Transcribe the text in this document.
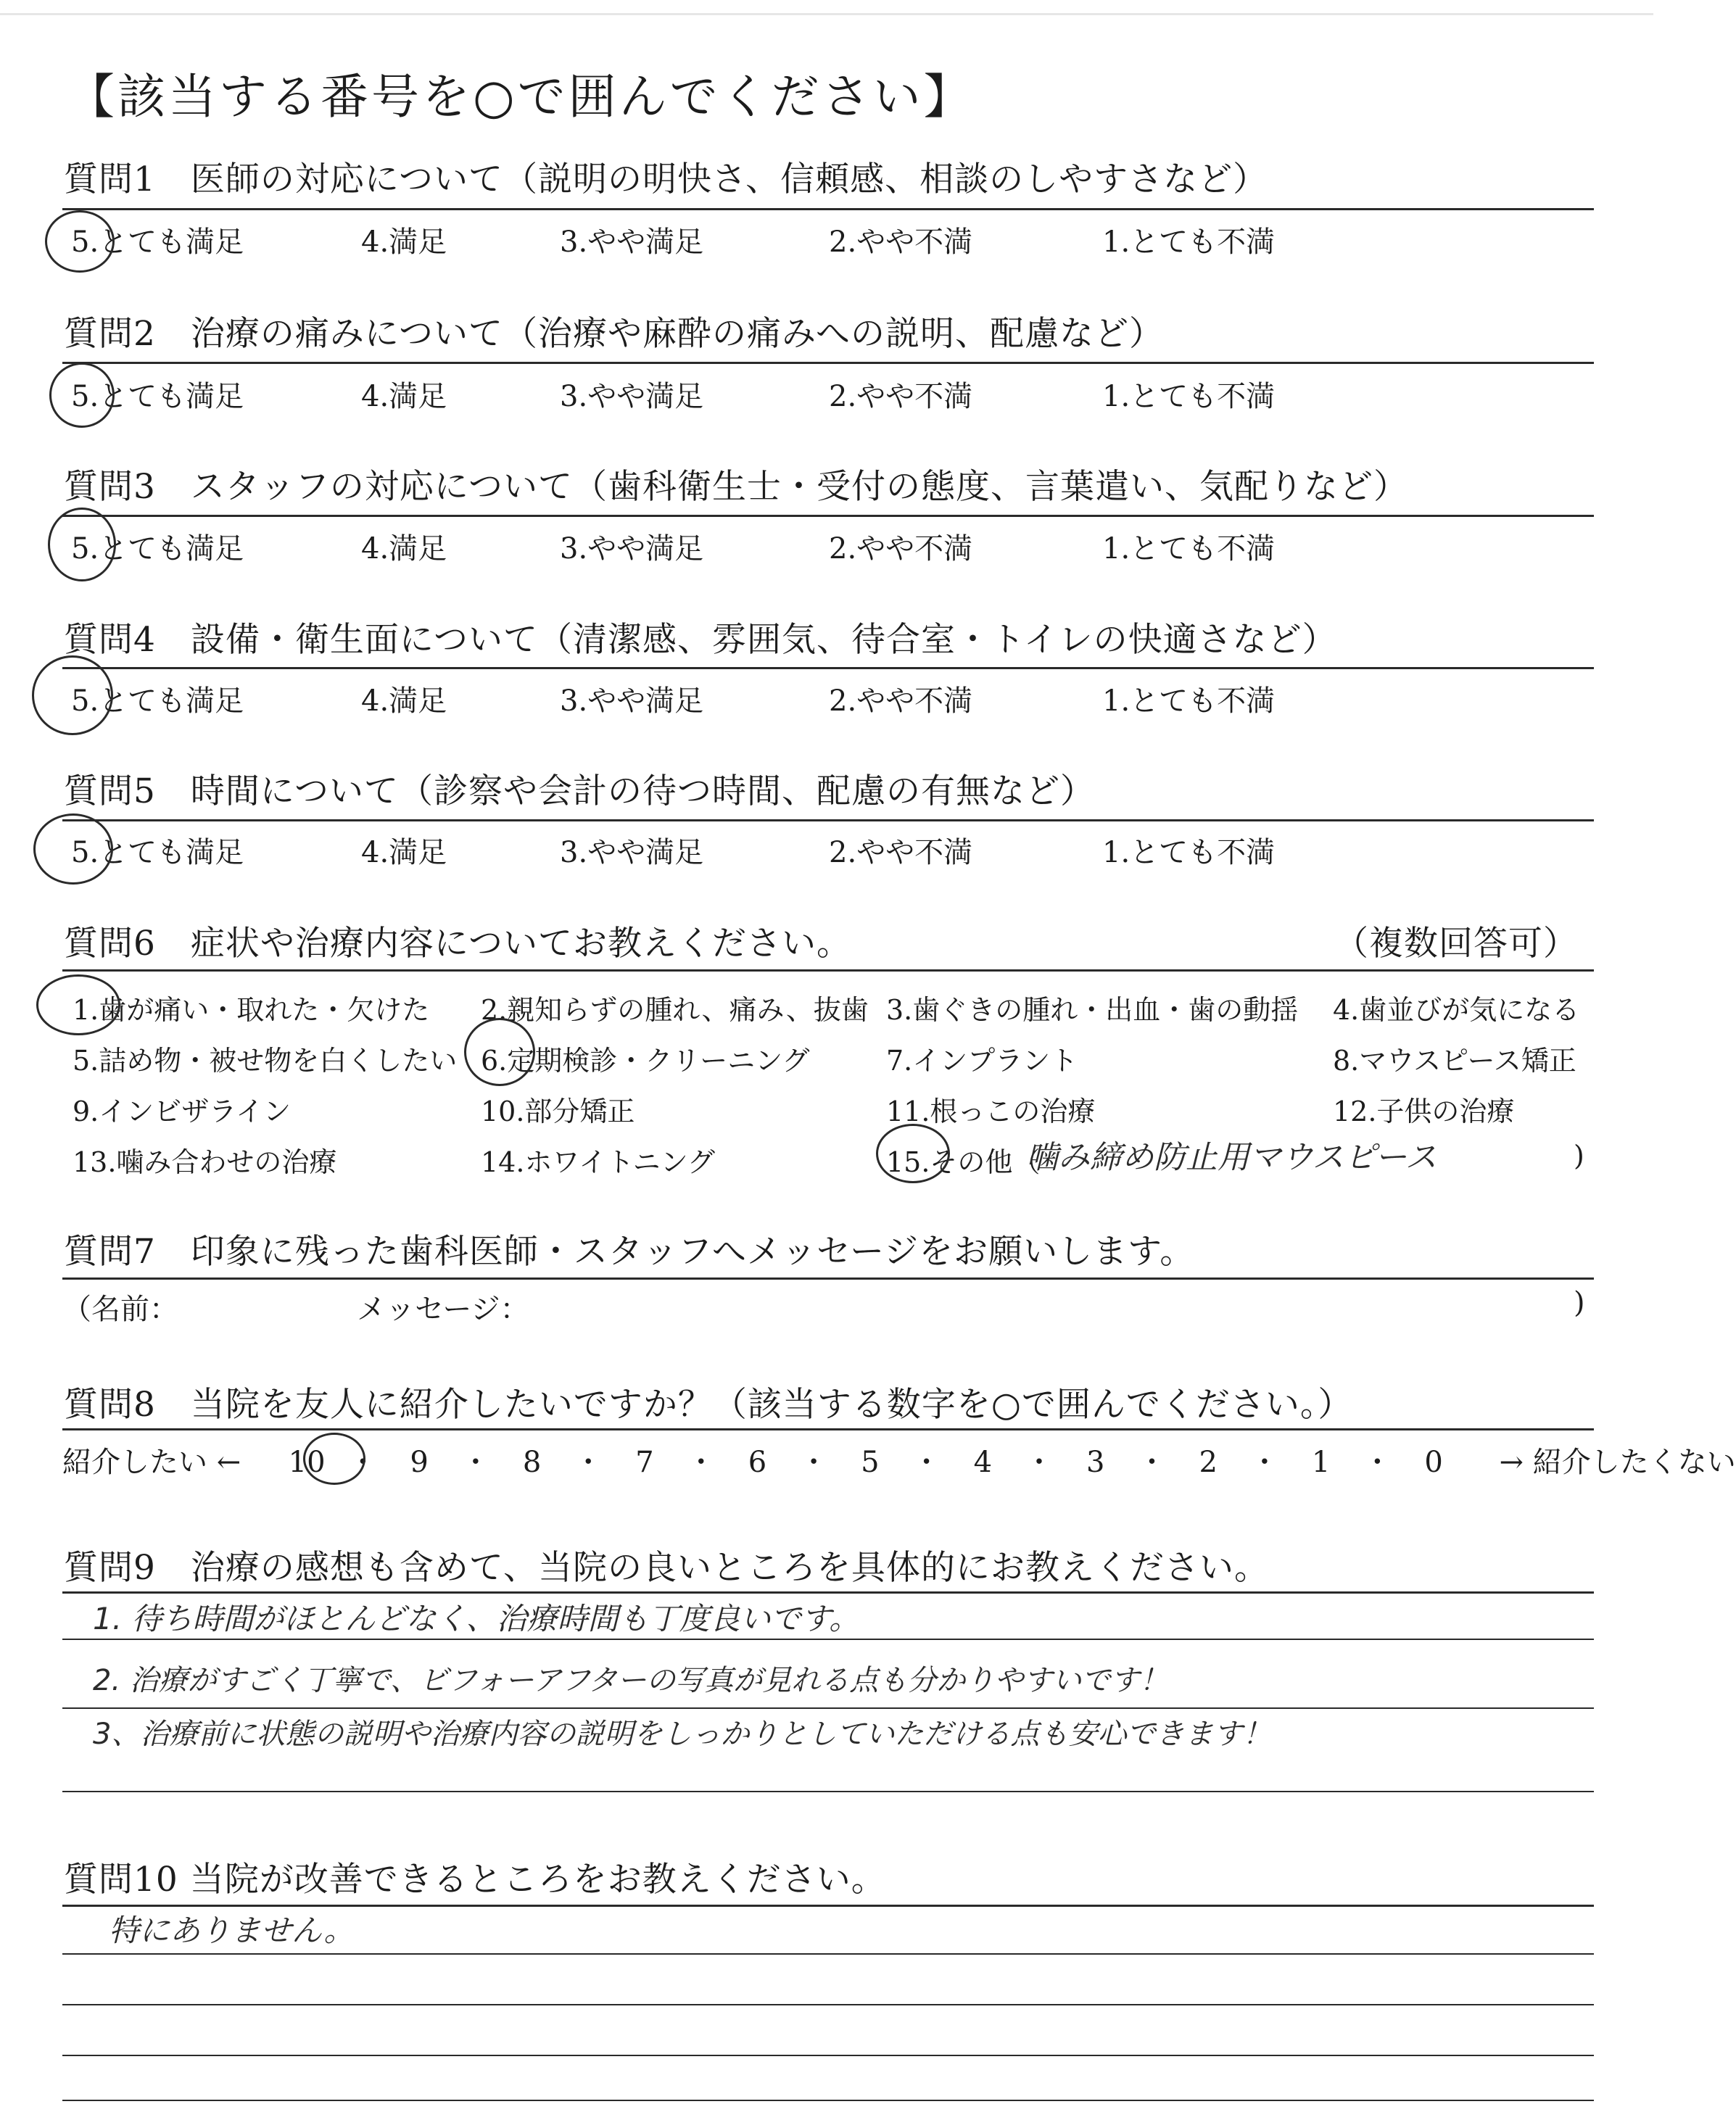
【該当する番号を○で囲んでください】
質問1　医師の対応について（説明の明快さ、信頼感、相談のしやすさなど）
5.とても満足	4.満足	3.やや満足	2.やや不満	1.とても不満
質問2　治療の痛みについて（治療や麻酔の痛みへの説明、配慮など）
5.とても満足	4.満足	3.やや満足	2.やや不満	1.とても不満
質問3　スタッフの対応について（歯科衛生士・受付の態度、言葉遣い、気配りなど）
5.とても満足	4.満足	3.やや満足	2.やや不満	1.とても不満
質問4　設備・衛生面について（清潔感、雰囲気、待合室・トイレの快適さなど）
5.とても満足	4.満足	3.やや満足	2.やや不満	1.とても不満
質問5　時間について（診察や会計の待つ時間、配慮の有無など）
5.とても満足	4.満足	3.やや満足	2.やや不満	1.とても不満
質問6　症状や治療内容についてお教えください。	（複数回答可）
1.歯が痛い・取れた・欠けた 2.親知らずの腫れ、痛み、抜歯 3.歯ぐきの腫れ・出血・歯の動揺 4.歯並びが気になる
5.詰め物・被せ物を白くしたい 6.定期検診・クリーニング	7.インプラント	8.マウスピース矯正
9.インビザライン	10.部分矯正	11.根っこの治療	12.子供の治療
13.噛み合わせの治療	14.ホワイトニング	15.その他（
噛み締め防止用マウスピース	)
質問7　印象に残った歯科医師・スタッフへメッセージをお願いします。
（名前：	メッセージ：	)
質問8　当院を友人に紹介したいですか？（該当する数字を○で囲んでください。）
紹介したい ← 10 ・ 9 ・ 8 ・ 7 ・ 6 ・ 5 ・ 4 ・ 3 ・ 2 ・ 1 ・ 0 → 紹介したくない
質問9　治療の感想も含めて、当院の良いところを具体的にお教えください。
1. 待ち時間がほとんどなく、治療時間も丁度良いです。
2. 治療がすごく丁寧で、ビフォーアフターの写真が見れる点も分かりやすいです！
3、治療前に状態の説明や治療内容の説明をしっかりとしていただける点も安心できます！
質問10 当院が改善できるところをお教えください。
特にありません。
